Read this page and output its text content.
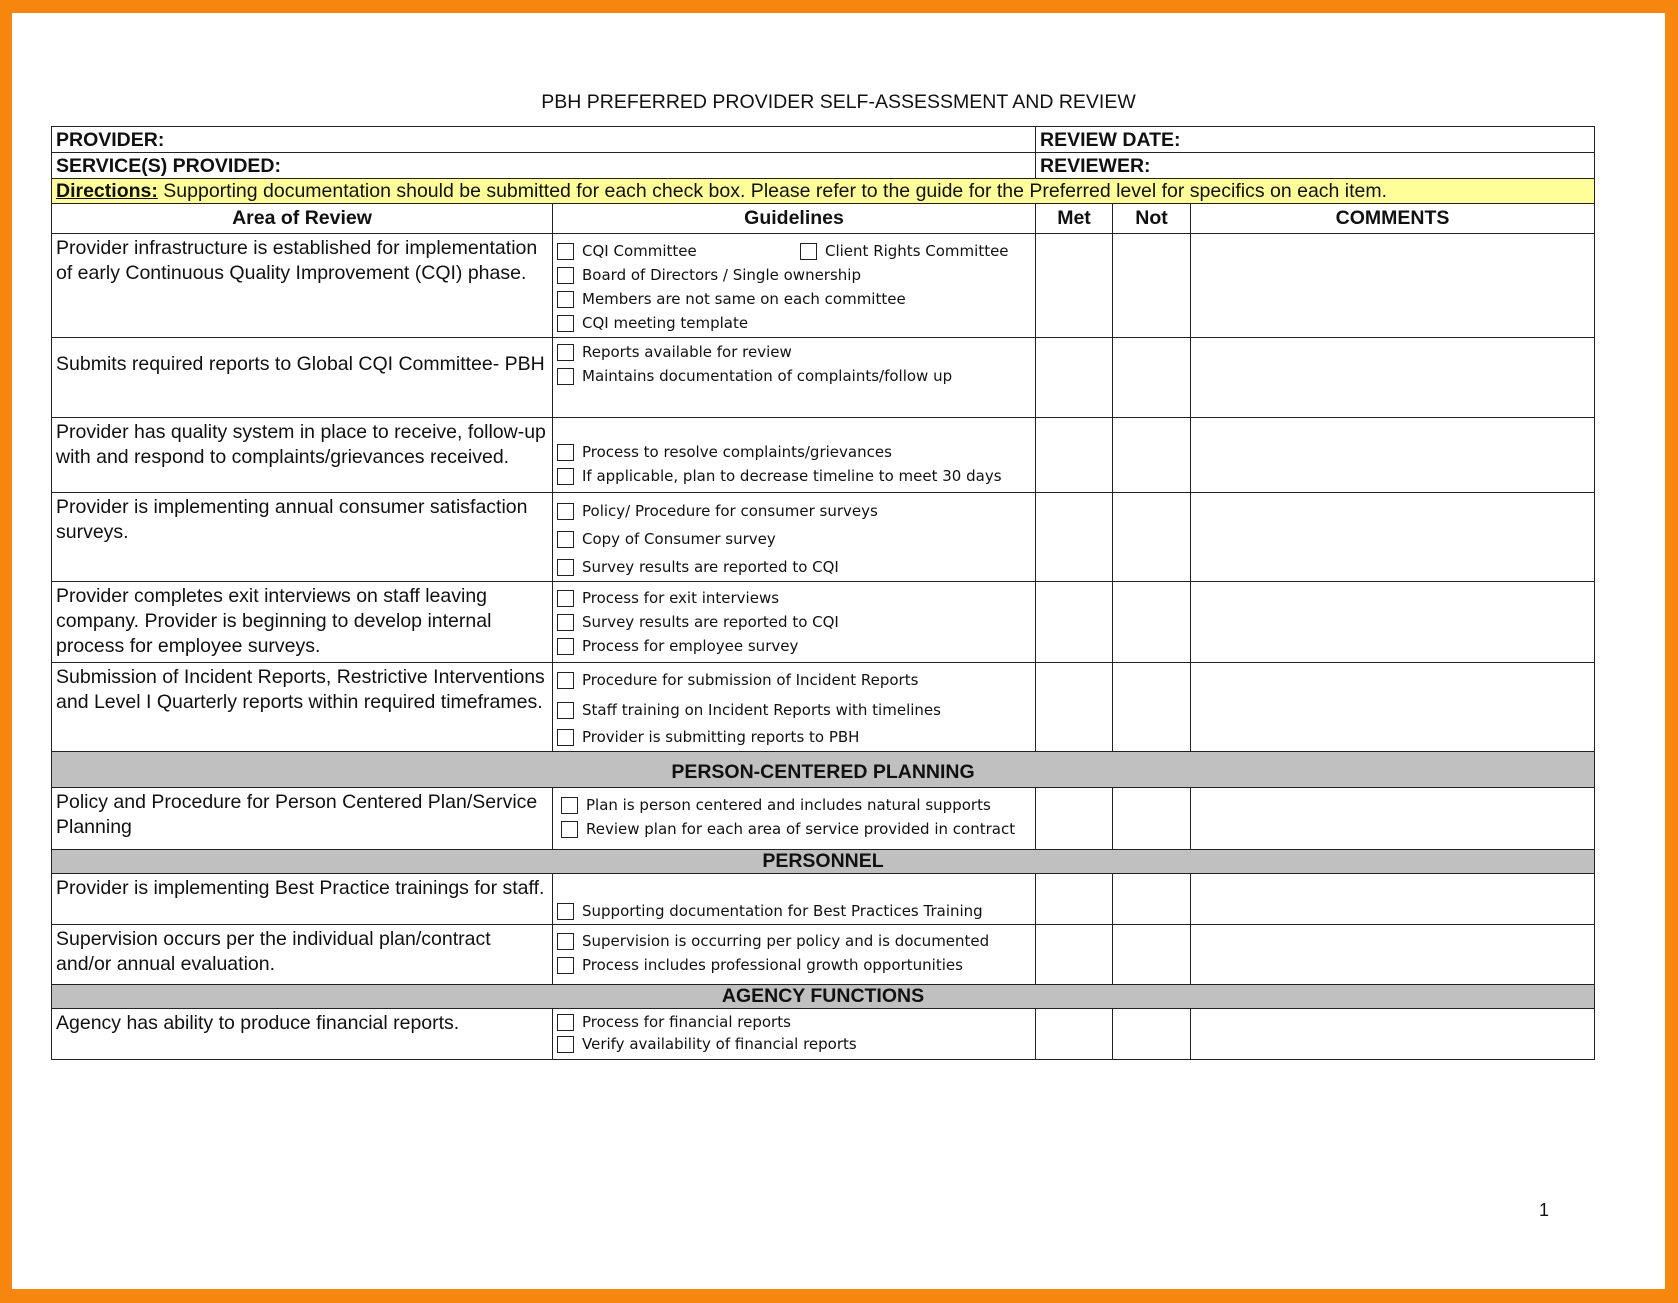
PBH PREFERRED PROVIDER SELF-ASSESSMENT AND REVIEW
PROVIDER:		REVIEW DATE:		
SERVICE(S) PROVIDED:		REVIEWER:		
Directions: Supporting documentation should be submitted for each check box. Please refer to the guide for the Preferred level for specifics on each item.				
Area of Review	Guidelines	Met	Not	COMMENTS
Provider infrastructure is established for implementation of early Continuous Quality Improvement (CQI) phase.	CQI Committee Client Rights Committee
Board of Directors / Single ownership
Members are not same on each committee
CQI meeting template			

Submits required reports to Global CQI Committee- PBH	Reports available for review
Maintains documentation of complaints/follow up			

Provider has quality system in place to receive, follow-up with and respond to complaints/grievances received.	Process to resolve complaints/grievances
If applicable, plan to decrease timeline to meet 30 days			

Provider is implementing annual consumer satisfaction surveys.	Policy/ Procedure for consumer surveys
Copy of Consumer survey
Survey results are reported to CQI			

Provider completes exit interviews on staff leaving company. Provider is beginning to develop internal process for employee surveys.	Process for exit interviews
Survey results are reported to CQI
Process for employee survey			

Submission of Incident Reports, Restrictive Interventions and Level I Quarterly reports within required timeframes.	Procedure for submission of Incident Reports
Staff training on Incident Reports with timelines
Provider is submitting reports to PBH			

PERSON-CENTERED PLANNING				
Policy and Procedure for Person Centered Plan/Service Planning	Plan is person centered and includes natural supports
Review plan for each area of service provided in contract			

PERSONNEL				
Provider is implementing Best Practice trainings for staff.	Supporting documentation for Best Practices Training			

Supervision occurs per the individual plan/contract and/or annual evaluation.	Supervision is occurring per policy and is documented
Process includes professional growth opportunities			

AGENCY FUNCTIONS				
Agency has ability to produce financial reports.	Process for financial reports
Verify availability of financial reports			

1
